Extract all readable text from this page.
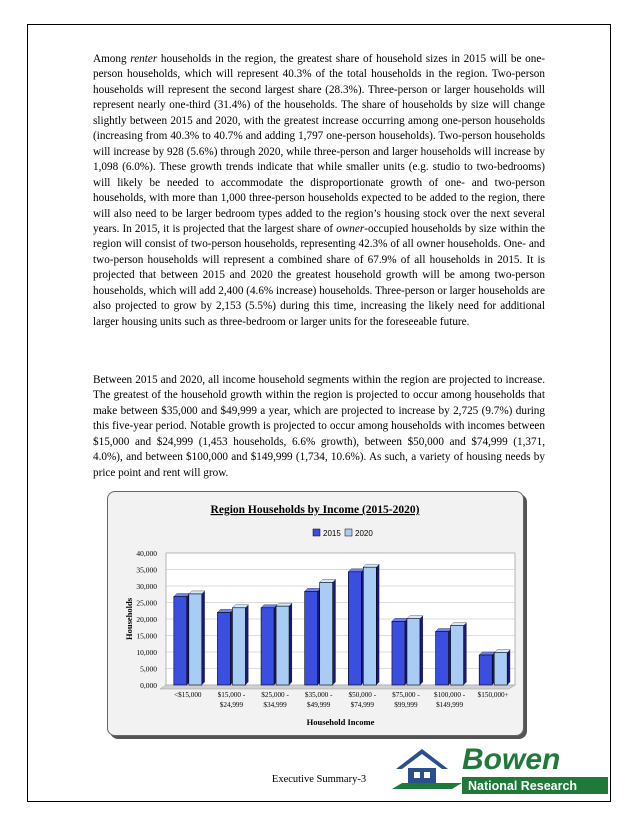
Among renter households in the region, the greatest share of household sizes in 2015 will be one-person households, which will represent 40.3% of the total households in the region. Two-person households will represent the second largest share (28.3%). Three-person or larger households will represent nearly one-third (31.4%) of the households. The share of households by size will change slightly between 2015 and 2020, with the greatest increase occurring among one-person households (increasing from 40.3% to 40.7% and adding 1,797 one-person households). Two-person households will increase by 928 (5.6%) through 2020, while three-person and larger households will increase by 1,098 (6.0%). These growth trends indicate that while smaller units (e.g. studio to two-bedrooms) will likely be needed to accommodate the disproportionate growth of one- and two-person households, with more than 1,000 three-person households expected to be added to the region, there will also need to be larger bedroom types added to the region’s housing stock over the next several years. In 2015, it is projected that the largest share of owner-occupied households by size within the region will consist of two-person households, representing 42.3% of all owner households. One- and two-person households will represent a combined share of 67.9% of all households in 2015. It is projected that between 2015 and 2020 the greatest household growth will be among two-person households, which will add 2,400 (4.6% increase) households. Three-person or larger households are also projected to grow by 2,153 (5.5%) during this time, increasing the likely need for additional larger housing units such as three-bedroom or larger units for the foreseeable future.

Between 2015 and 2020, all income household segments within the region are projected to increase. The greatest of the household growth within the region is projected to occur among households that make between $35,000 and $49,999 a year, which are projected to increase by 2,725 (9.7%) during this five-year period. Notable growth is projected to occur among households with incomes between $15,000 and $24,999 (1,453 households, 6.6% growth), between $50,000 and $74,999 (1,371, 4.0%), and between $100,000 and $149,999 (1,734, 10.6%). As such, a variety of housing needs by price point and rent will grow.

Region Households by Income (2015-2020)
2015 2020
0,000
5,000
10,000
15,000
20,000
25,000
30,000
35,000
40,000
Households
<$15,000 $15,000 -
$24,999
$25,000 -
$34,999
$35,000 -
$49,999
$50,000 -
$74,999
$75,000 -
$99,999
$100,000 -
$149,999
$150,000+
Household Income
Executive Summary-3
Bowen
National Research
